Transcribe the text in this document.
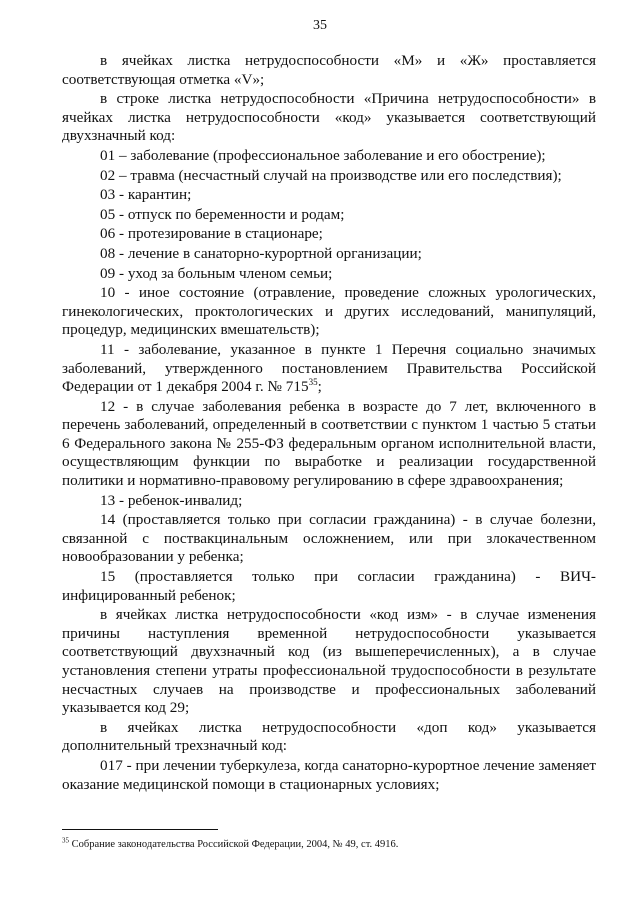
35

в ячейках листка нетрудоспособности «М» и «Ж» проставляется соответствующая отметка «V»;

в строке листка нетрудоспособности «Причина нетрудоспособности» в ячейках листка нетрудоспособности «код» указывается соответствующий двухзначный код:

01 – заболевание (профессиональное заболевание и его обострение);

02 – травма (несчастный случай на производстве или его последствия);

03 - карантин;

05 - отпуск по беременности и родам;

06 - протезирование в стационаре;

08 - лечение в санаторно-курортной организации;

09 - уход за больным членом семьи;

10 - иное состояние (отравление, проведение сложных урологических, гинекологических, проктологических и других исследований, манипуляций, процедур, медицинских вмешательств);

11 - заболевание, указанное в пункте 1 Перечня социально значимых заболеваний, утвержденного постановлением Правительства Российской Федерации от 1 декабря 2004 г. № $715^{35}$;

12 - в случае заболевания ребенка в возрасте до 7 лет, включенного в перечень заболеваний, определенный в соответствии с пунктом 1 частью 5 статьи 6 Федерального закона № 255-ФЗ федеральным органом исполнительной власти, осуществляющим функции по выработке и реализации государственной политики и нормативно-правовому регулированию в сфере здравоохранения;

13 - ребенок-инвалид;

14 (проставляется только при согласии гражданина) - в случае болезни, связанной с поствакцинальным осложнением, или при злокачественном новообразовании у ребенка;

15 (проставляется только при согласии гражданина) - ВИЧ-инфицированный ребенок;

в ячейках листка нетрудоспособности «код изм» - в случае изменения причины наступления временной нетрудоспособности указывается соответствующий двухзначный код (из вышеперечисленных), а в случае установления степени утраты профессиональной трудоспособности в результате несчастных случаев на производстве и профессиональных заболеваний указывается код 29;

в ячейках листка нетрудоспособности «доп код» указывается дополнительный трехзначный код:

017 - при лечении туберкулеза, когда санаторно-курортное лечение заменяет оказание медицинской помощи в стационарных условиях;

$^{35}$ Собрание законодательства Российской Федерации, 2004, № 49, ст. 4916.
